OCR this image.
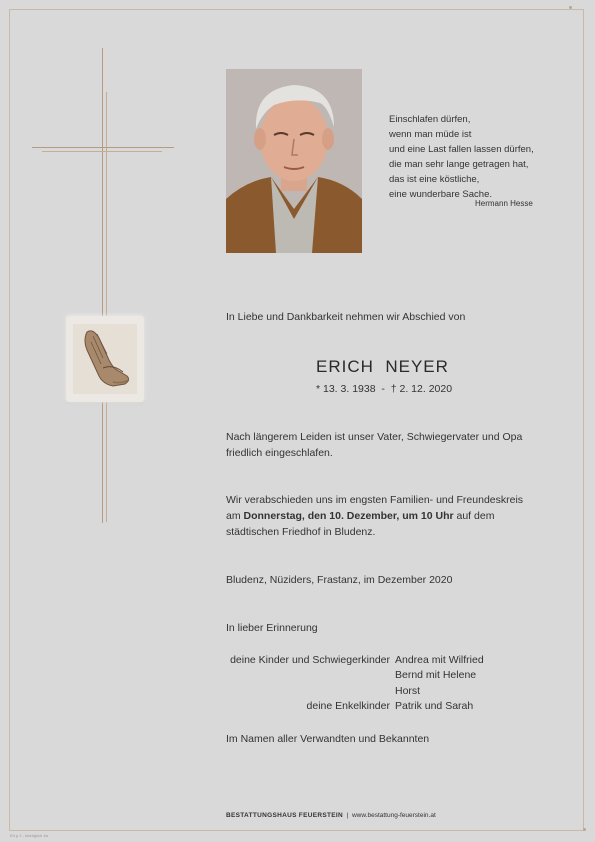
Einschlafen dürfen,
wenn man müde ist
und eine Last fallen lassen dürfen,
die man sehr lange getragen hat,
das ist eine köstliche,
eine wunderbare Sache.
Hermann Hesse
In Liebe und Dankbarkeit nehmen wir Abschied von
ERICH  NEYER
* 13. 3. 1938 - † 2. 12. 2020
Nach längerem Leiden ist unser Vater, Schwiegervater und Opa
friedlich eingeschlafen.
Wir verabschieden uns im engsten Familien- und Freundeskreis
am Donnerstag, den 10. Dezember, um 10 Uhr auf dem
städtischen Friedhof in Bludenz.
Bludenz, Nüziders, Frastanz, im Dezember 2020
In lieber Erinnerung
deine Kinder und Schwiegerkinder Andrea mit Wilfried
Bernd mit Helene
Horst
deine Enkelkinder Patrik und Sarah
Im Namen aller Verwandten und Bekannten
BESTATTUNGSHAUS FEUERSTEIN | www.bestattung-feuerstein.at
Erl p 1 - Abzüglich 4a
